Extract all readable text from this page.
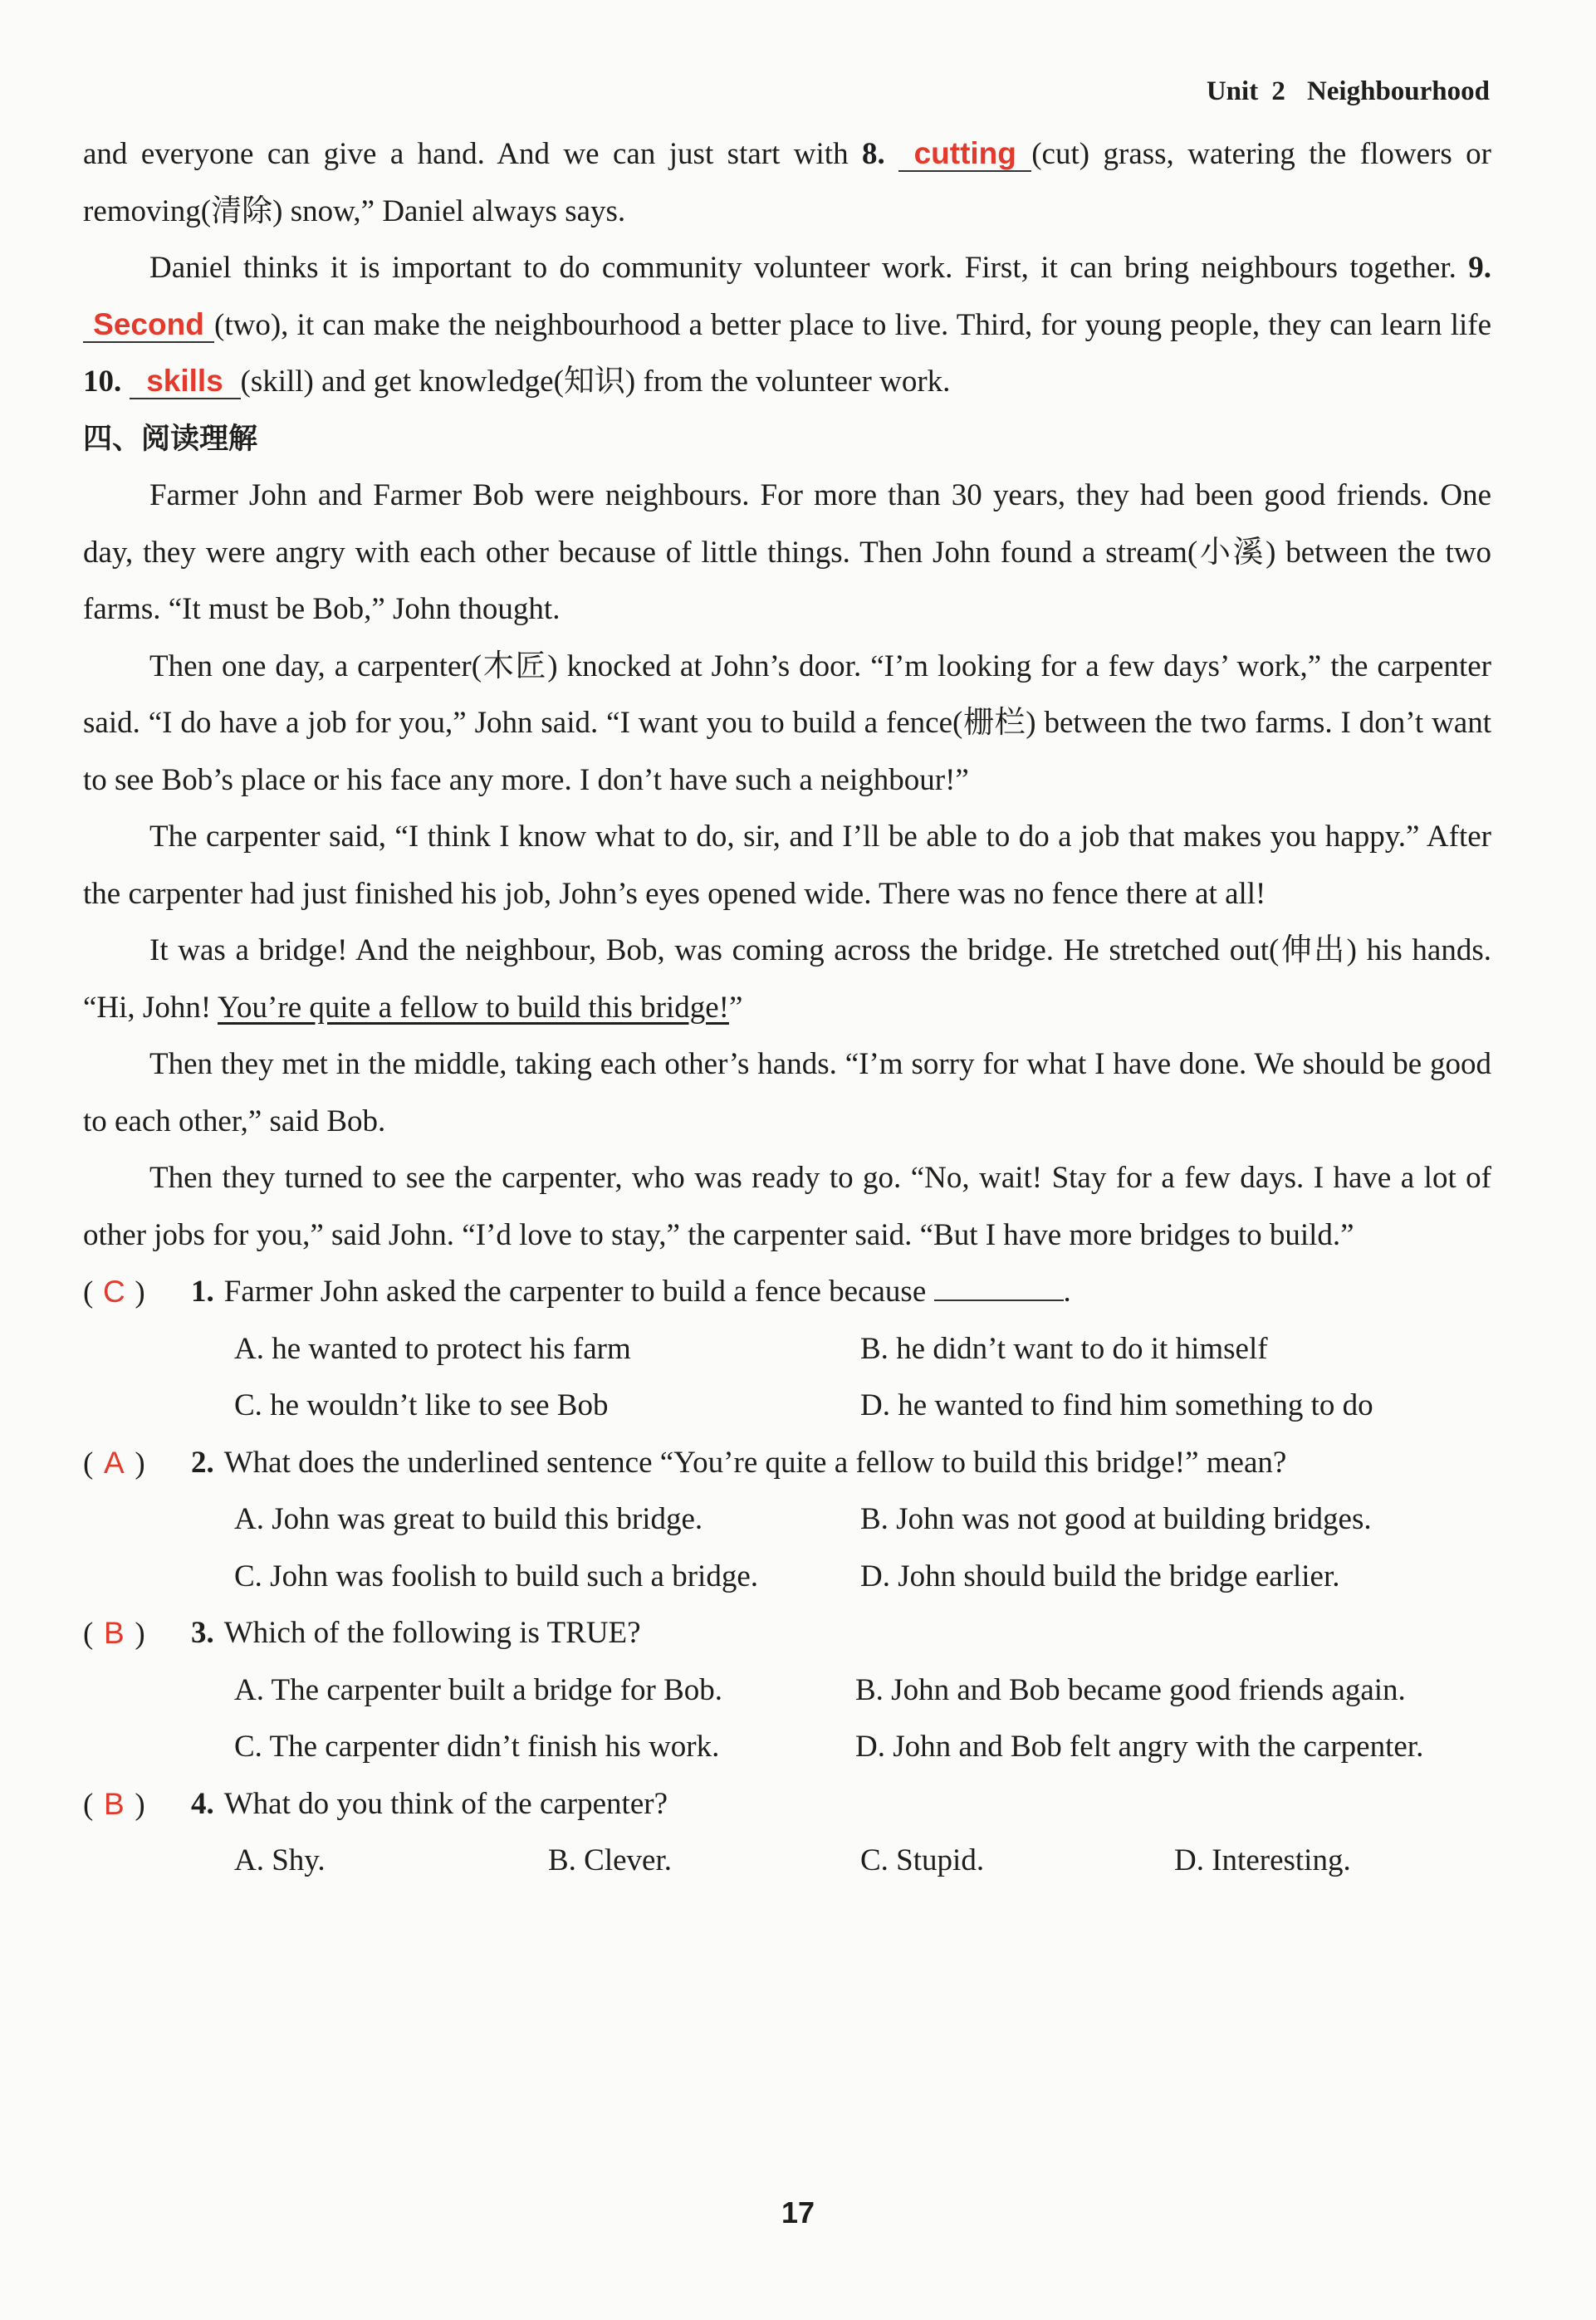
Unit 2 Neighbourhood

and everyone can give a hand. And we can just start with 8. cutting (cut) grass, watering the flowers or removing(清除) snow,” Daniel always says.

Daniel thinks it is important to do community volunteer work. First, it can bring neighbours together. 9. Second (two), it can make the neighbourhood a better place to live. Third, for young people, they can learn life 10. skills (skill) and get knowledge(知识) from the volunteer work.

四、阅读理解

Farmer John and Farmer Bob were neighbours. For more than 30 years, they had been good friends. One day, they were angry with each other because of little things. Then John found a stream(小溪) between the two farms. “It must be Bob,” John thought.

Then one day, a carpenter(木匠) knocked at John’s door. “I’m looking for a few days’ work,” the carpenter said. “I do have a job for you,” John said. “I want you to build a fence(栅栏) between the two farms. I don’t want to see Bob’s place or his face any more. I don’t have such a neighbour!”

The carpenter said, “I think I know what to do, sir, and I’ll be able to do a job that makes you happy.” After the carpenter had just finished his job, John’s eyes opened wide. There was no fence there at all!

It was a bridge! And the neighbour, Bob, was coming across the bridge. He stretched out(伸出) his hands. “Hi, John! You’re quite a fellow to build this bridge!”

Then they met in the middle, taking each other’s hands. “I’m sorry for what I have done. We should be good to each other,” said Bob.

Then they turned to see the carpenter, who was ready to go. “No, wait! Stay for a few days. I have a lot of other jobs for you,” said John. “I’d love to stay,” the carpenter said. “But I have more bridges to build.”

( C ) 1. Farmer John asked the carpenter to build a fence because	.
A. he wanted to protect his farm	B. he didn’t want to do it himself
C. he wouldn’t like to see Bob	D. he wanted to find him something to do
( A ) 2. What does the underlined sentence “You’re quite a fellow to build this bridge!” mean?
A. John was great to build this bridge.	B. John was not good at building bridges.
C. John was foolish to build such a bridge.	D. John should build the bridge earlier.
( B ) 3. Which of the following is TRUE?
A. The carpenter built a bridge for Bob.	B. John and Bob became good friends again.
C. The carpenter didn’t finish his work.	D. John and Bob felt angry with the carpenter.
( B ) 4. What do you think of the carpenter?
A. Shy.	B. Clever.	C. Stupid.	D. Interesting.
17
